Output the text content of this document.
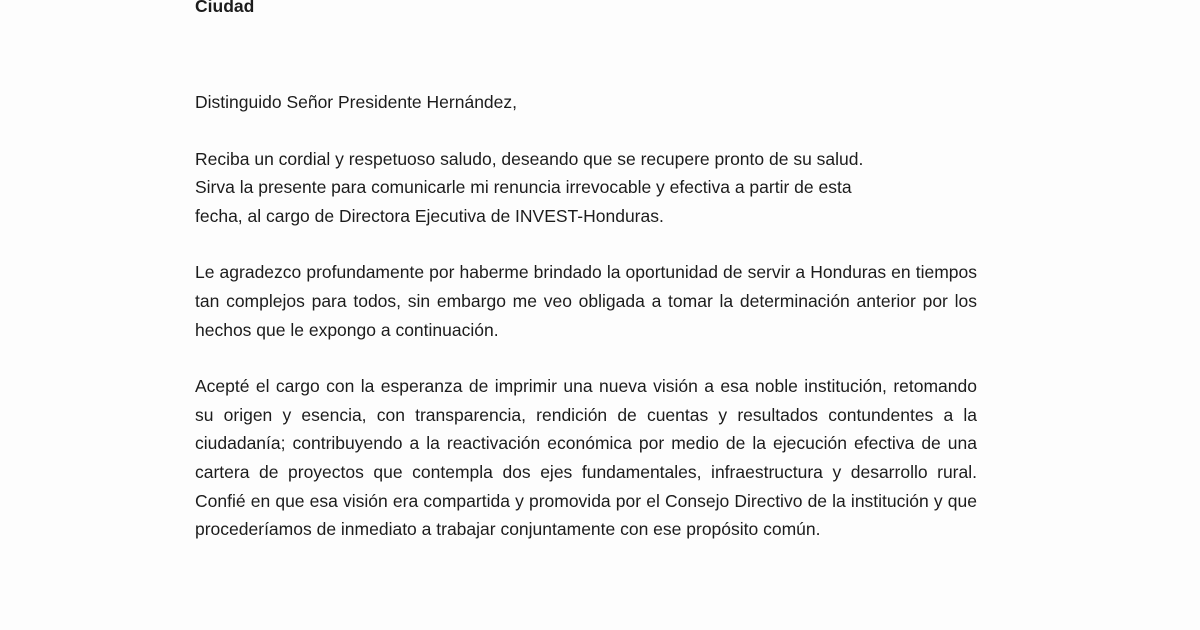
Ciudad

Distinguido Señor Presidente Hernández,

Reciba un cordial y respetuoso saludo, deseando que se recupere pronto de su salud.
Sirva la presente para comunicarle mi renuncia irrevocable y efectiva a partir de esta
fecha, al cargo de Directora Ejecutiva de INVEST-Honduras.

Le agradezco profundamente por haberme brindado la oportunidad de servir a Honduras en tiempos tan complejos para todos, sin embargo me veo obligada a tomar la determinación anterior por los hechos que le expongo a continuación.

Acepté el cargo con la esperanza de imprimir una nueva visión a esa noble institución, retomando su origen y esencia, con transparencia, rendición de cuentas y resultados contundentes a la ciudadanía; contribuyendo a la reactivación económica por medio de la ejecución efectiva de una cartera de proyectos que contempla dos ejes fundamentales, infraestructura y desarrollo rural. Confié en que esa visión era compartida y promovida por el Consejo Directivo de la institución y que procederíamos de inmediato a trabajar conjuntamente con ese propósito común.
